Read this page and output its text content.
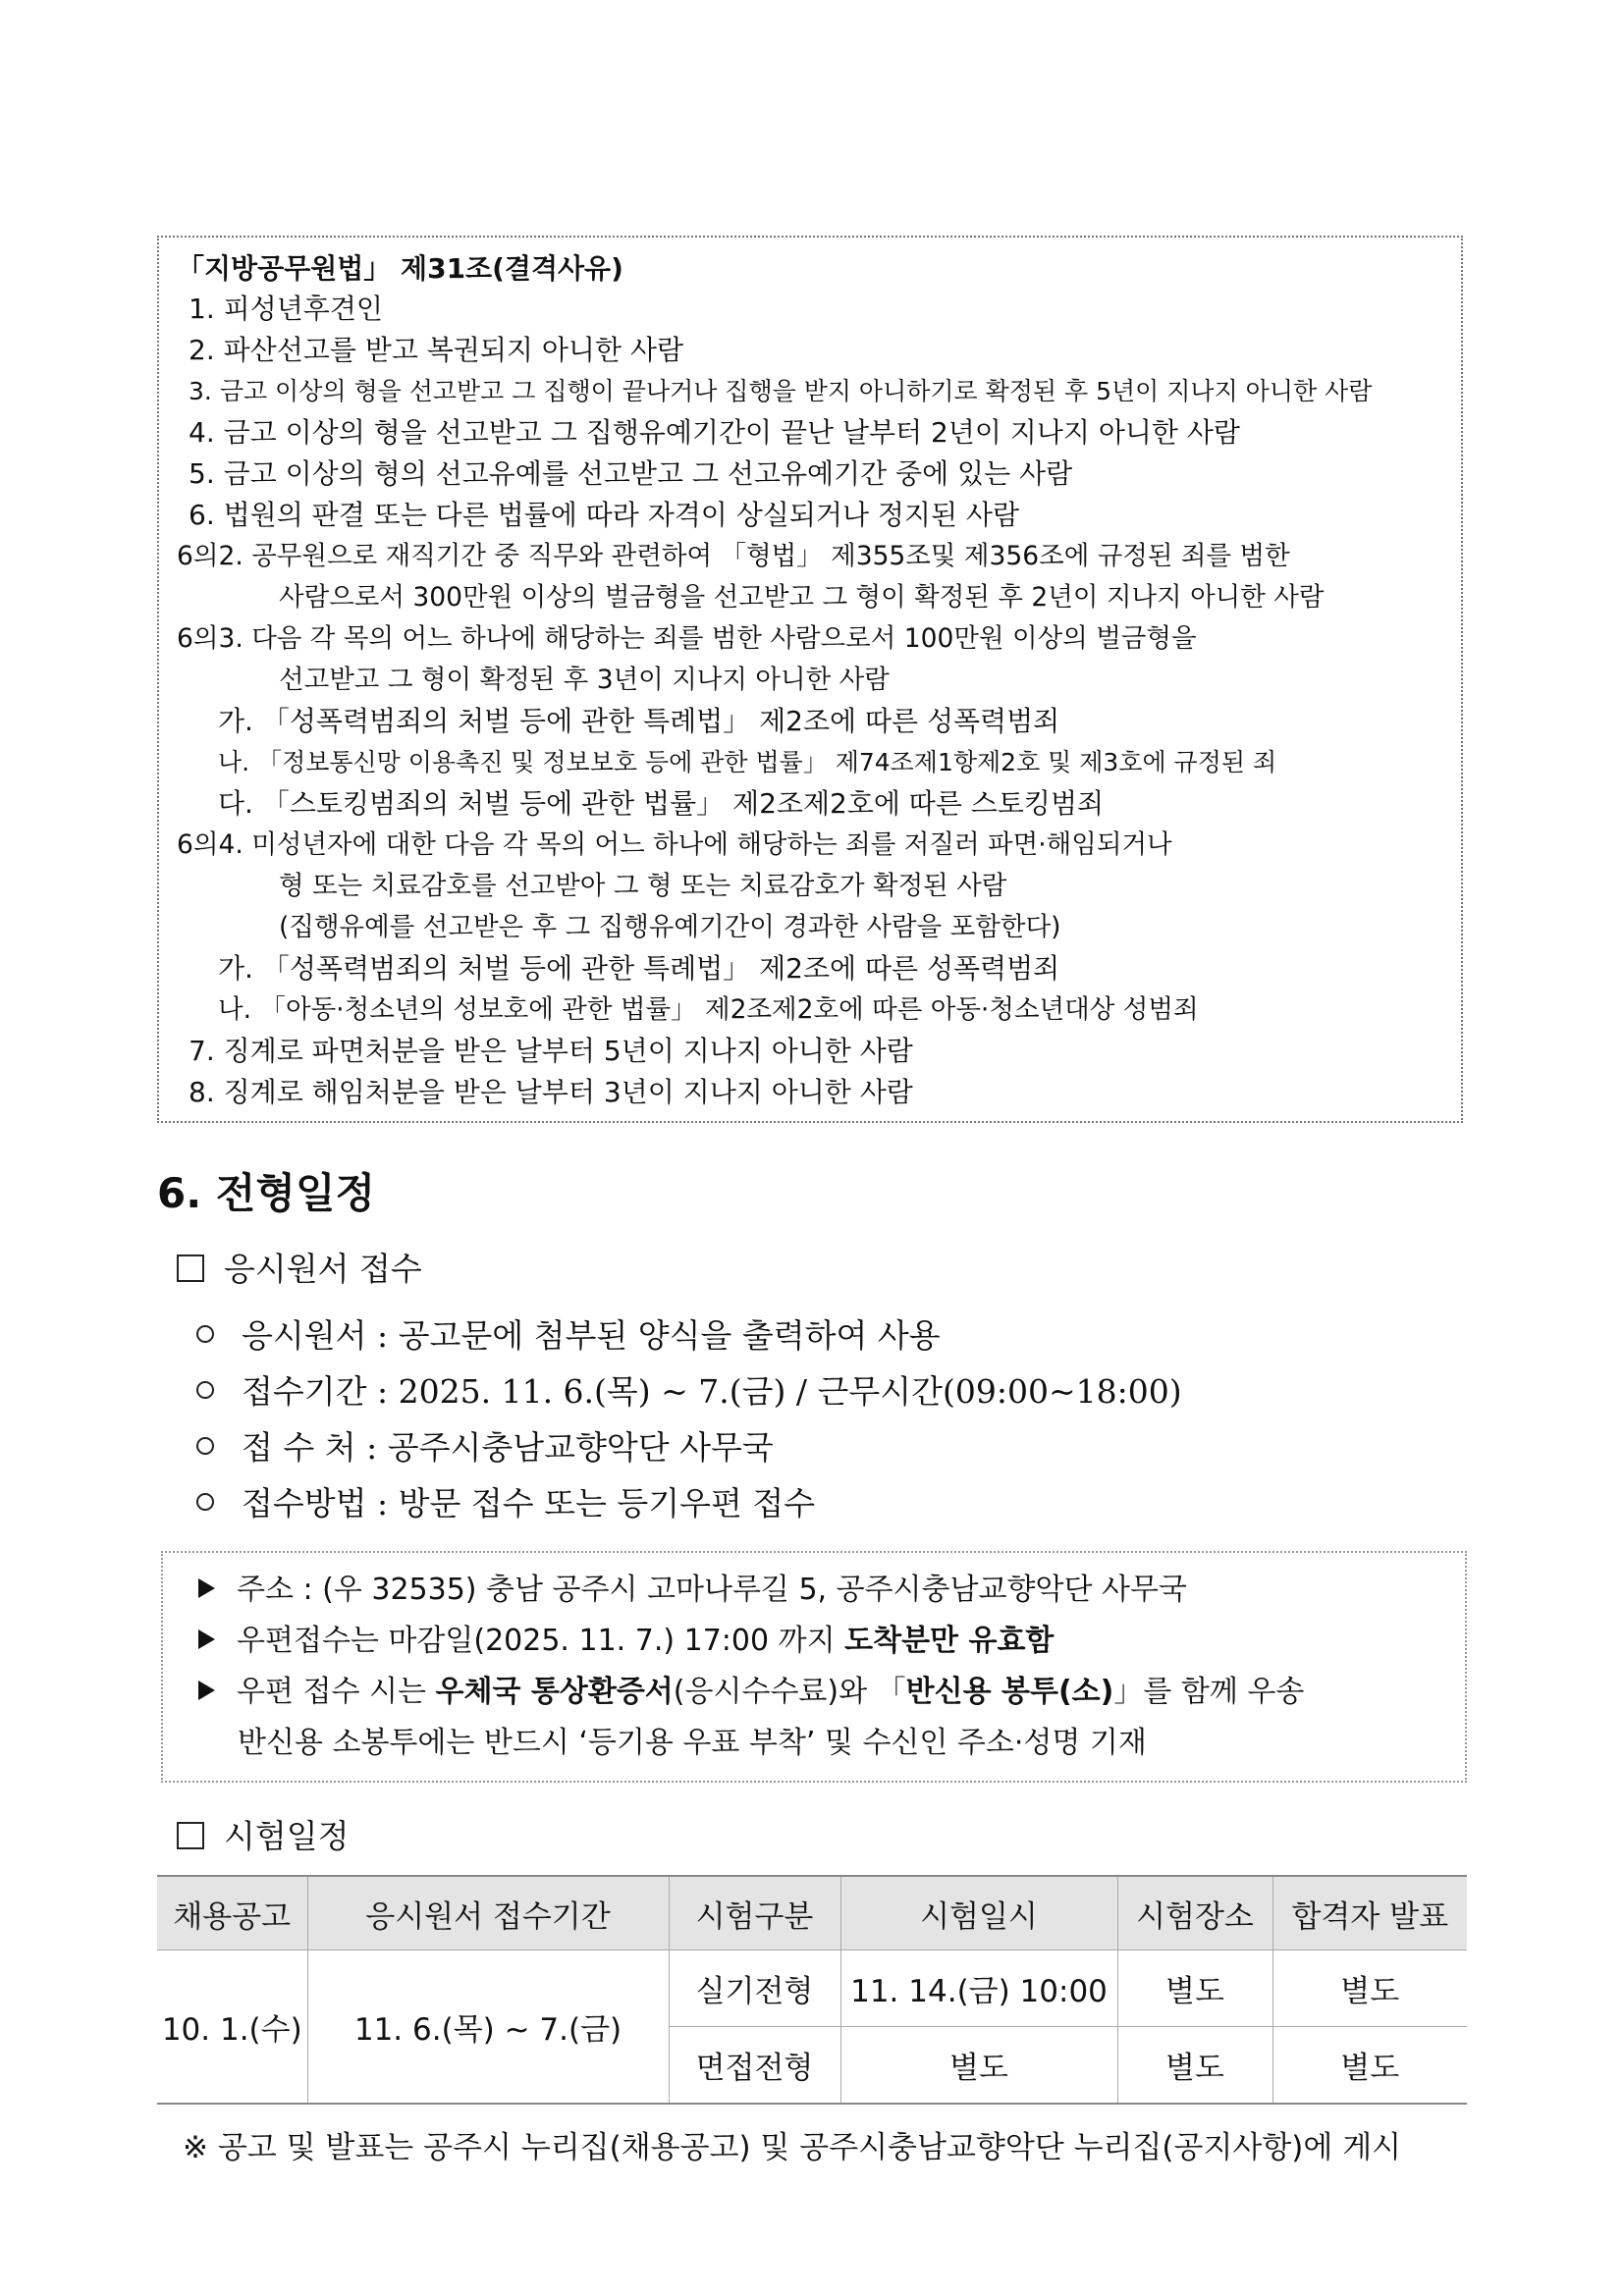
「지방공무원법」 제31조(결격사유)
1. 피성년후견인
2. 파산선고를 받고 복권되지 아니한 사람
3. 금고 이상의 형을 선고받고 그 집행이 끝나거나 집행을 받지 아니하기로 확정된 후 5년이 지나지 아니한 사람
4. 금고 이상의 형을 선고받고 그 집행유예기간이 끝난 날부터 2년이 지나지 아니한 사람
5. 금고 이상의 형의 선고유예를 선고받고 그 선고유예기간 중에 있는 사람
6. 법원의 판결 또는 다른 법률에 따라 자격이 상실되거나 정지된 사람
6의2. 공무원으로 재직기간 중 직무와 관련하여 「형법」 제355조및 제356조에 규정된 죄를 범한
사람으로서 300만원 이상의 벌금형을 선고받고 그 형이 확정된 후 2년이 지나지 아니한 사람
6의3. 다음 각 목의 어느 하나에 해당하는 죄를 범한 사람으로서 100만원 이상의 벌금형을
선고받고 그 형이 확정된 후 3년이 지나지 아니한 사람
가. 「성폭력범죄의 처벌 등에 관한 특례법」 제2조에 따른 성폭력범죄
나. 「정보통신망 이용촉진 및 정보보호 등에 관한 법률」 제74조제1항제2호 및 제3호에 규정된 죄
다. 「스토킹범죄의 처벌 등에 관한 법률」 제2조제2호에 따른 스토킹범죄
6의4. 미성년자에 대한 다음 각 목의 어느 하나에 해당하는 죄를 저질러 파면·해임되거나
형 또는 치료감호를 선고받아 그 형 또는 치료감호가 확정된 사람
(집행유예를 선고받은 후 그 집행유예기간이 경과한 사람을 포함한다)
가. 「성폭력범죄의 처벌 등에 관한 특례법」 제2조에 따른 성폭력범죄
나. 「아동·청소년의 성보호에 관한 법률」 제2조제2호에 따른 아동·청소년대상 성범죄
7. 징계로 파면처분을 받은 날부터 5년이 지나지 아니한 사람
8. 징계로 해임처분을 받은 날부터 3년이 지나지 아니한 사람
6. 전형일정
응시원서 접수
응시원서 : 공고문에 첨부된 양식을 출력하여 사용
접수기간 : 2025. 11. 6.(목) ~ 7.(금) / 근무시간(09:00~18:00)
접 수 처 : 공주시충남교향악단 사무국
접수방법 : 방문 접수 또는 등기우편 접수
주소 : (우 32535) 충남 공주시 고마나루길 5, 공주시충남교향악단 사무국
우편접수는 마감일(2025. 11. 7.) 17:00 까지 도착분만 유효함
우편 접수 시는 우체국 통상환증서(응시수수료)와 「반신용 봉투(소)」를 함께 우송
반신용 소봉투에는 반드시 ‘등기용 우표 부착’ 및 수신인 주소·성명 기재
시험일정
채용공고	응시원서 접수기간	시험구분	시험일시	시험장소	합격자 발표
10. 1.(수)	11. 6.(목) ~ 7.(금)	실기전형	11. 14.(금) 10:00	별도	별도
		면접전형	별도	별도	별도
※ 공고 및 발표는 공주시 누리집(채용공고) 및 공주시충남교향악단 누리집(공지사항)에 게시
